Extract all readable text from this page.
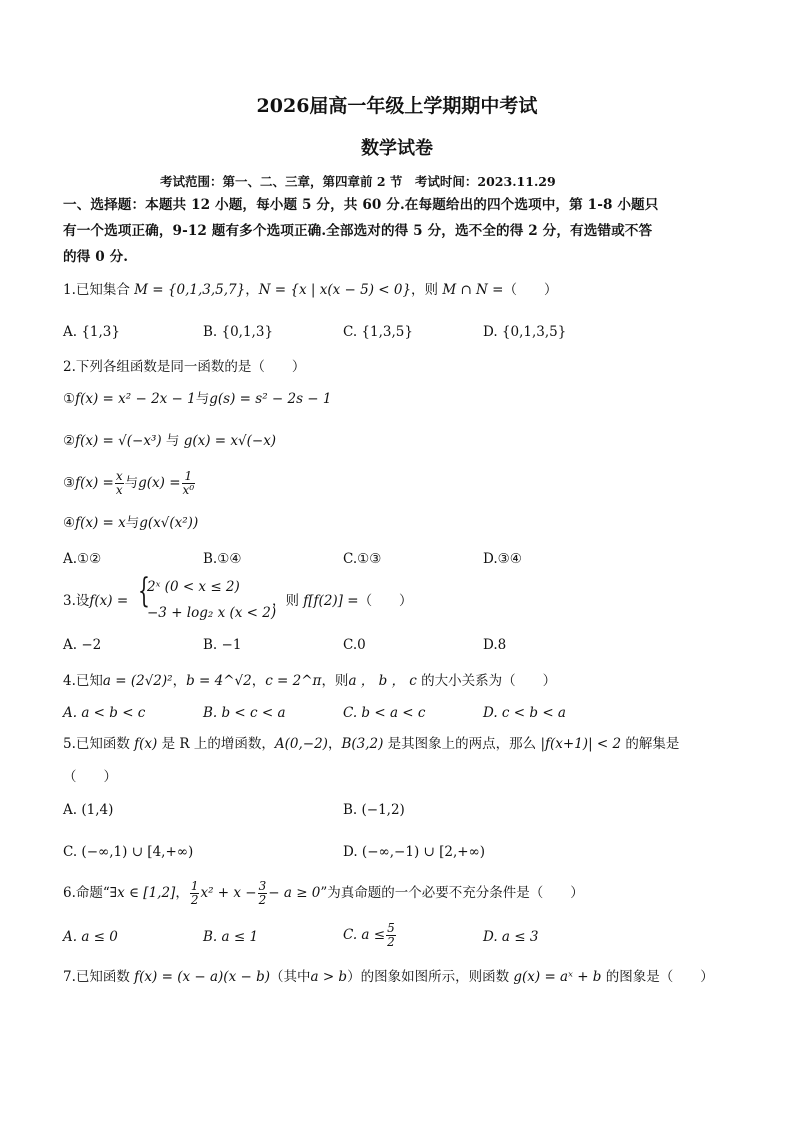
2026届高一年级上学期期中考试
数学试卷
考试范围：第一、二、三章，第四章前 2 节　考试时间：2023.11.29
一、选择题：本题共 12 小题，每小题 5 分，共 60 分.在每题给出的四个选项中，第 1-8 小题只
有一个选项正确，9-12 题有多个选项正确.全部选对的得 5 分，选不全的得 2 分，有选错或不答
的得 0 分.
1.已知集合 M = {0,1,3,5,7}，N = {x | x(x − 5) < 0}，则 M ∩ N =（　　）
A. {1,3}	B. {0,1,3}	C. {1,3,5}	D. {0,1,3,5}
2.下列各组函数是同一函数的是（　　）
①f(x) = x² − 2x − 1与g(s) = s² − 2s − 1
②f(x) = √(−x³) 与 g(x) = x√(−x)
③f(x) = $\frac{x}{x}$ 与$g(x) = \frac{1}{\text{x⁰}}$
④f(x) = x与g(x√(x²))
A.①②	B.①④	C.①③	D.③④
3.设f(x) = {
2ˣ (0 < x ≤ 2)
−3 + log₂ x (x < 2)
，则 f[f(2)] =（　　）
A. −2	B. −1	C.0	D.8
4.已知a = (2√2)²，b = 4^√2，c = 2^π，则a ， b ， c 的大小关系为（　　）
A. a < b < c	B. b < c < a	C. b < a < c	D. c < b < a
5.已知函数 f(x) 是 R 上的增函数，A(0,−2)，B(3,2) 是其图象上的两点，那么 |f(x+1)| < 2 的解集是
（　　）
A. (1,4)	B. (−1,2)
C. (−∞,1) ∪ [4,+∞)	D. (−∞,−1) ∪ [2,+∞)
6.命题“∃x ∈ [1,2]， $\frac{1}{2} x^2 + x - \frac{3}{2} - a \ge 0$”为真命题的一个必要不充分条件是（　　）
A. a ≤ 0	B. a ≤ 1	C. $a \le \frac{5}{2}$	D. a ≤ 3
7.已知函数 f(x) = (x − a)(x − b)（其中a > b）的图象如图所示，则函数 g(x) = aˣ + b 的图象是（　　）
